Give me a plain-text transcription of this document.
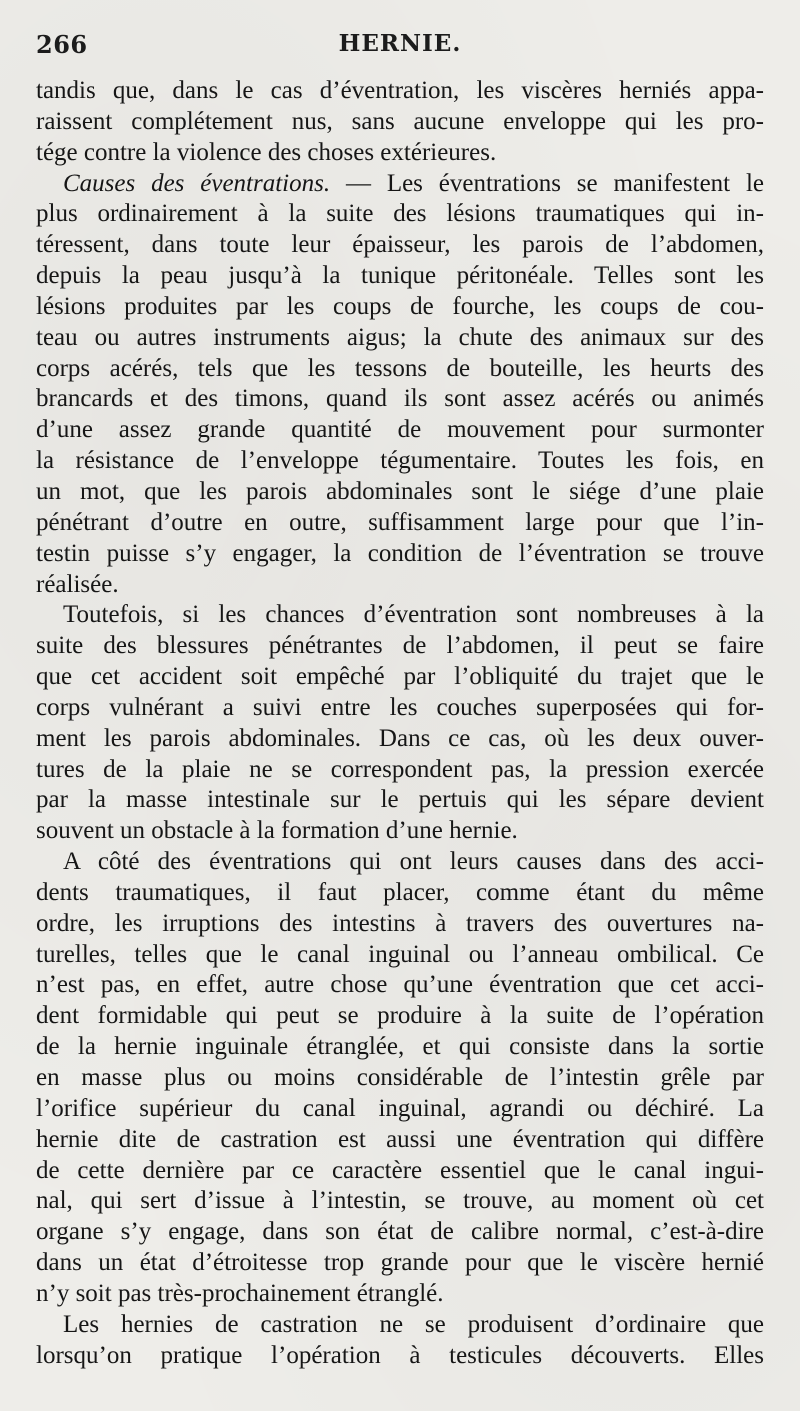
266	HERNIE.
tandis que, dans le cas d’éventration, les viscères herniés appa-
raissent complétement nus, sans aucune enveloppe qui les pro-
tége contre la violence des choses extérieures.
Causes des éventrations. — Les éventrations se manifestent le
plus ordinairement à la suite des lésions traumatiques qui in-
téressent, dans toute leur épaisseur, les parois de l’abdomen,
depuis la peau jusqu’à la tunique péritonéale. Telles sont les
lésions produites par les coups de fourche, les coups de cou-
teau ou autres instruments aigus; la chute des animaux sur des
corps acérés, tels que les tessons de bouteille, les heurts des
brancards et des timons, quand ils sont assez acérés ou animés
d’une assez grande quantité de mouvement pour surmonter
la résistance de l’enveloppe tégumentaire. Toutes les fois, en
un mot, que les parois abdominales sont le siége d’une plaie
pénétrant d’outre en outre, suffisamment large pour que l’in-
testin puisse s’y engager, la condition de l’éventration se trouve
réalisée.
Toutefois, si les chances d’éventration sont nombreuses à la
suite des blessures pénétrantes de l’abdomen, il peut se faire
que cet accident soit empêché par l’obliquité du trajet que le
corps vulnérant a suivi entre les couches superposées qui for-
ment les parois abdominales. Dans ce cas, où les deux ouver-
tures de la plaie ne se correspondent pas, la pression exercée
par la masse intestinale sur le pertuis qui les sépare devient
souvent un obstacle à la formation d’une hernie.
A côté des éventrations qui ont leurs causes dans des acci-
dents traumatiques, il faut placer, comme étant du même
ordre, les irruptions des intestins à travers des ouvertures na-
turelles, telles que le canal inguinal ou l’anneau ombilical. Ce
n’est pas, en effet, autre chose qu’une éventration que cet acci-
dent formidable qui peut se produire à la suite de l’opération
de la hernie inguinale étranglée, et qui consiste dans la sortie
en masse plus ou moins considérable de l’intestin grêle par
l’orifice supérieur du canal inguinal, agrandi ou déchiré. La
hernie dite de castration est aussi une éventration qui diffère
de cette dernière par ce caractère essentiel que le canal ingui-
nal, qui sert d’issue à l’intestin, se trouve, au moment où cet
organe s’y engage, dans son état de calibre normal, c’est-à-dire
dans un état d’étroitesse trop grande pour que le viscère hernié
n’y soit pas très-prochainement étranglé.
Les hernies de castration ne se produisent d’ordinaire que
lorsqu’on pratique l’opération à testicules découverts. Elles
